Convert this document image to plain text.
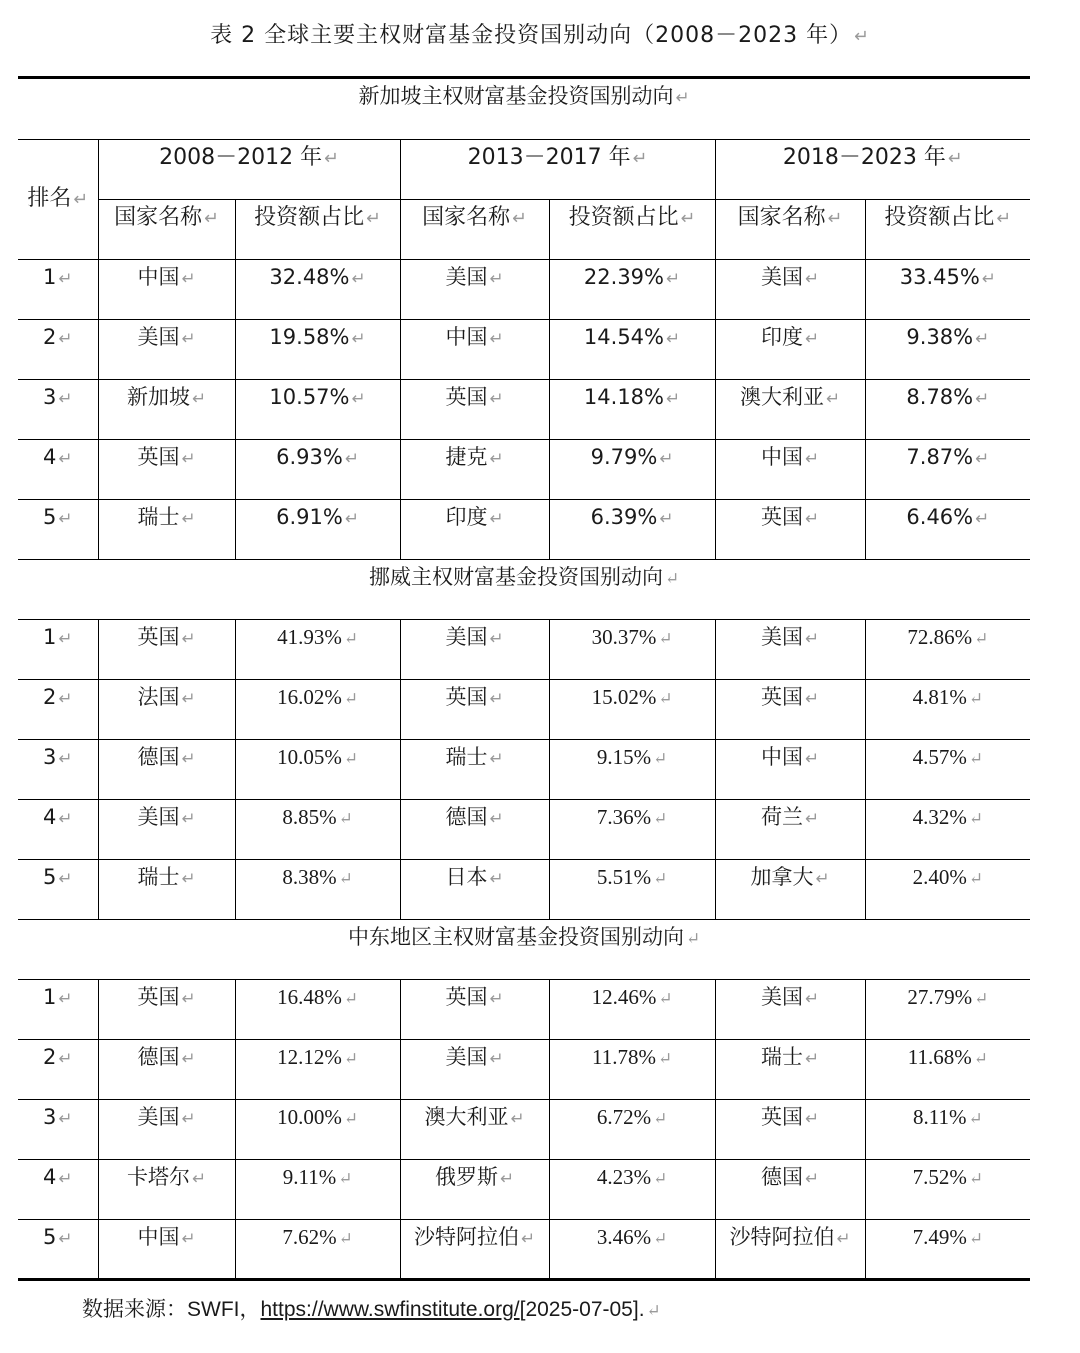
表 2 全球主要主权财富基金投资国别动向（2008－2023 年） ↵
新加坡主权财富基金投资国别动向 ↵						
排名 ↵	2008－2012 年 ↵		2013－2017 年 ↵		2018－2023 年 ↵	
	国家名称 ↵	投资额占比 ↵	国家名称 ↵	投资额占比 ↵	国家名称 ↵	投资额占比 ↵
1 ↵	中国 ↵	32.48% ↵	美国 ↵	22.39% ↵	美国 ↵	33.45% ↵
2 ↵	美国 ↵	19.58% ↵	中国 ↵	14.54% ↵	印度 ↵	9.38% ↵
3 ↵	新加坡 ↵	10.57% ↵	英国 ↵	14.18% ↵	澳大利亚 ↵	8.78% ↵
4 ↵	英国 ↵	6.93% ↵	捷克 ↵	9.79% ↵	中国 ↵	7.87% ↵
5 ↵	瑞士 ↵	6.91% ↵	印度 ↵	6.39% ↵	英国 ↵	6.46% ↵
挪威主权财富基金投资国别动向 ↵						
1 ↵	英国 ↵	41.93% ↵	美国 ↵	30.37% ↵	美国 ↵	72.86% ↵
2 ↵	法国 ↵	16.02% ↵	英国 ↵	15.02% ↵	英国 ↵	4.81% ↵
3 ↵	德国 ↵	10.05% ↵	瑞士 ↵	9.15% ↵	中国 ↵	4.57% ↵
4 ↵	美国 ↵	8.85% ↵	德国 ↵	7.36% ↵	荷兰 ↵	4.32% ↵
5 ↵	瑞士 ↵	8.38% ↵	日本 ↵	5.51% ↵	加拿大 ↵	2.40% ↵
中东地区主权财富基金投资国别动向 ↵						
1 ↵	英国 ↵	16.48% ↵	英国 ↵	12.46% ↵	美国 ↵	27.79% ↵
2 ↵	德国 ↵	12.12% ↵	美国 ↵	11.78% ↵	瑞士 ↵	11.68% ↵
3 ↵	美国 ↵	10.00% ↵	澳大利亚 ↵	6.72% ↵	英国 ↵	8.11% ↵
4 ↵	卡塔尔 ↵	9.11% ↵	俄罗斯 ↵	4.23% ↵	德国 ↵	7.52% ↵
5 ↵	中国 ↵	7.62% ↵	沙特阿拉伯 ↵	3.46% ↵	沙特阿拉伯 ↵	7.49% ↵
数据来源：SWFI，https://www.swfinstitute.org/[2025-07-05]. ↵
